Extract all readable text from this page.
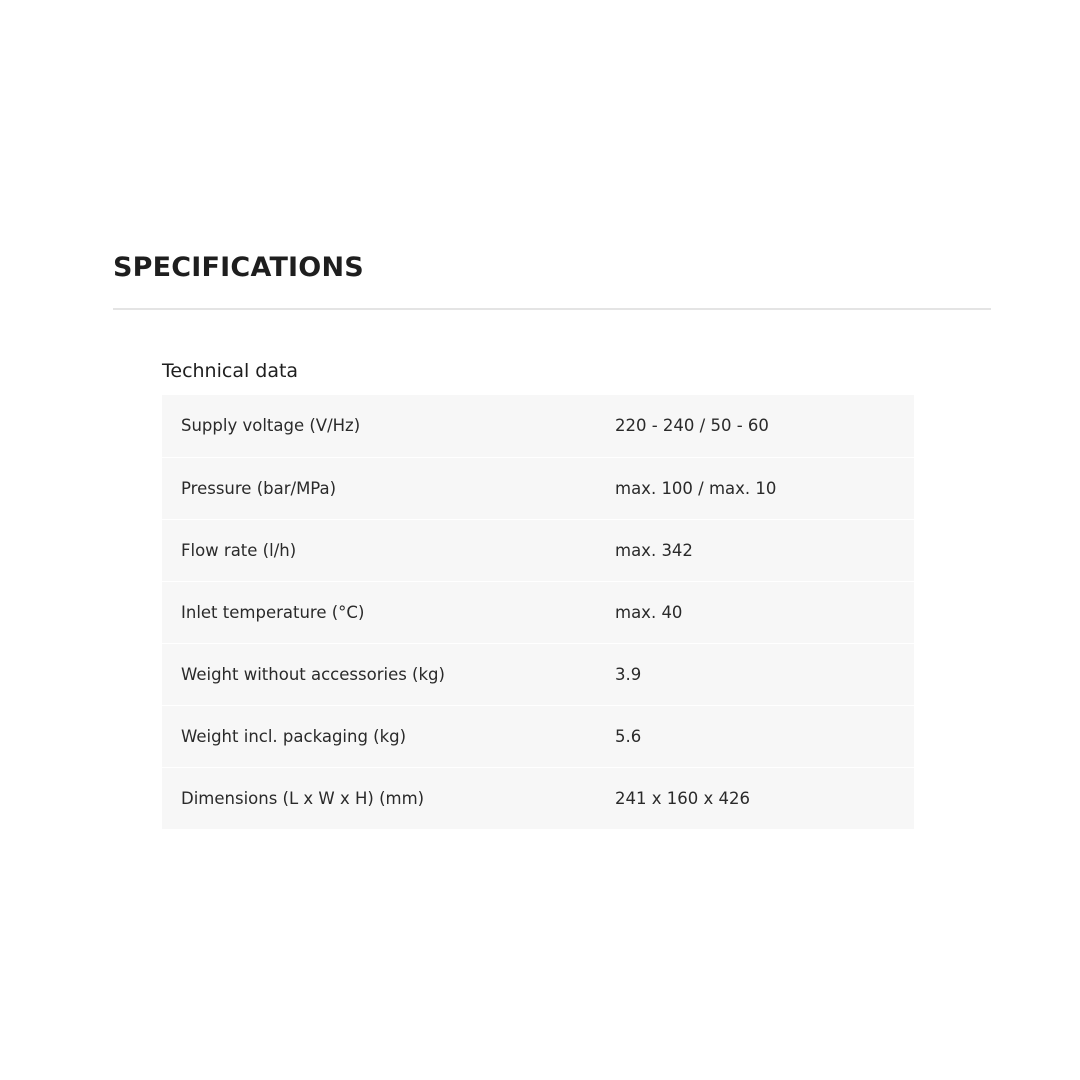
SPECIFICATIONS
Technical data
Supply voltage (V/Hz)	220 - 240 / 50 - 60
Pressure (bar/MPa)	max. 100 / max. 10
Flow rate (l/h)	max. 342
Inlet temperature (°C)	max. 40
Weight without accessories (kg)	3.9
Weight incl. packaging (kg)	5.6
Dimensions (L x W x H) (mm)	241 x 160 x 426
